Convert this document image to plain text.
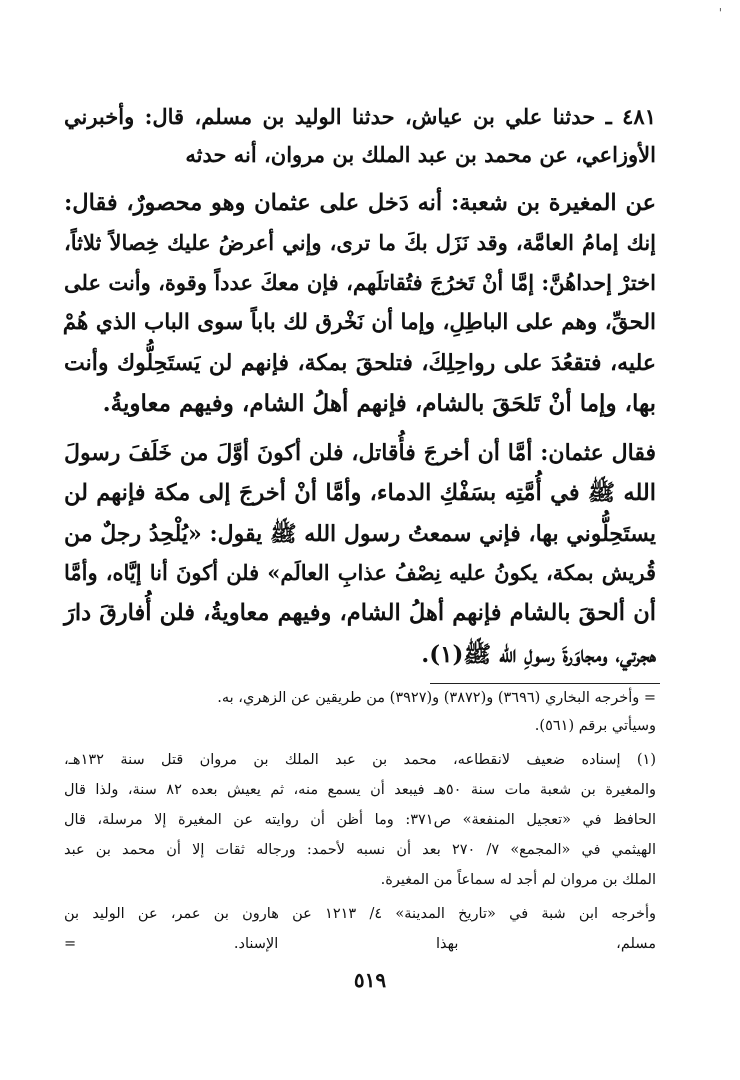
'
٤٨١ ـ حدثنا علي بن عياش، حدثنا الوليد بن مسلم، قال: وأخبرني
الأوزاعي، عن محمد بن عبد الملك بن مروان، أنه حدثه
عن المغيرة بن شعبة: أنه دَخل على عثمان وهو محصورٌ، فقال:
إنك إمامُ العامَّة، وقد نَزَل بكَ ما ترى، وإني أعرضُ عليك خِصالاً ثلاثاً،
اخترْ إحداهُنَّ: إمَّا أنْ تَخرُجَ فتُقاتلَهم، فإن معكَ عدداً وقوة، وأنت على
الحقِّ، وهم على الباطِلِ، وإما أن نَخْرق لك باباً سوى الباب الذي هُمْ
عليه، فتقعُدَ على رواحِلِكَ، فتلحقَ بمكة، فإنهم لن يَستَحِلُّوك وأنت
بها، وإما أنْ تَلحَقَ بالشام، فإنهم أهلُ الشام، وفيهم معاويةُ.
فقال عثمان: أمَّا أن أخرجَ فأُقاتل، فلن أكونَ أوَّلَ من خَلَفَ رسولَ
الله ﷺ في أُمَّتِه بسَفْكِ الدماء، وأمَّا أنْ أخرجَ إلى مكة فإنهم لن
يستَحِلُّوني بها، فإني سمعتُ رسول الله ﷺ يقول: «يُلْحِدُ رجلٌ من
قُريش بمكة، يكونُ عليه نِصْفُ عذابِ العالَم» فلن أكونَ أنا إيَّاه، وأمَّا
أن ألحقَ بالشام فإنهم أهلُ الشام، وفيهم معاويةُ، فلن أُفارقَ دارَ
هجرتي، ومجاوَرةَ رسولِ الله ﷺ(١).
= وأخرجه البخاري (٣٦٩٦) و(٣٨٧٢) و(٣٩٢٧) من طريقين عن الزهري، به.
وسيأتي برقم (٥٦١).
(١) إسناده ضعيف لانقطاعه، محمد بن عبد الملك بن مروان قتل سنة ١٣٢هـ،
والمغيرة بن شعبة مات سنة ٥٠هـ فيبعد أن يسمع منه، ثم يعيش بعده ٨٢ سنة، ولذا قال
الحافظ في «تعجيل المنفعة» ص٣٧١: وما أظن أن روايته عن المغيرة إلا مرسلة، قال
الهيثمي في «المجمع» ٧/ ٢٧٠ بعد أن نسبه لأحمد: ورجاله ثقات إلا أن محمد بن عبد
الملك بن مروان لم أجد له سماعاً من المغيرة.
وأخرجه ابن شبة في «تاريخ المدينة» ٤/ ١٢١٣ عن هارون بن عمر، عن الوليد بن
مسلم، بهذا الإسناد. =
٥١٩
